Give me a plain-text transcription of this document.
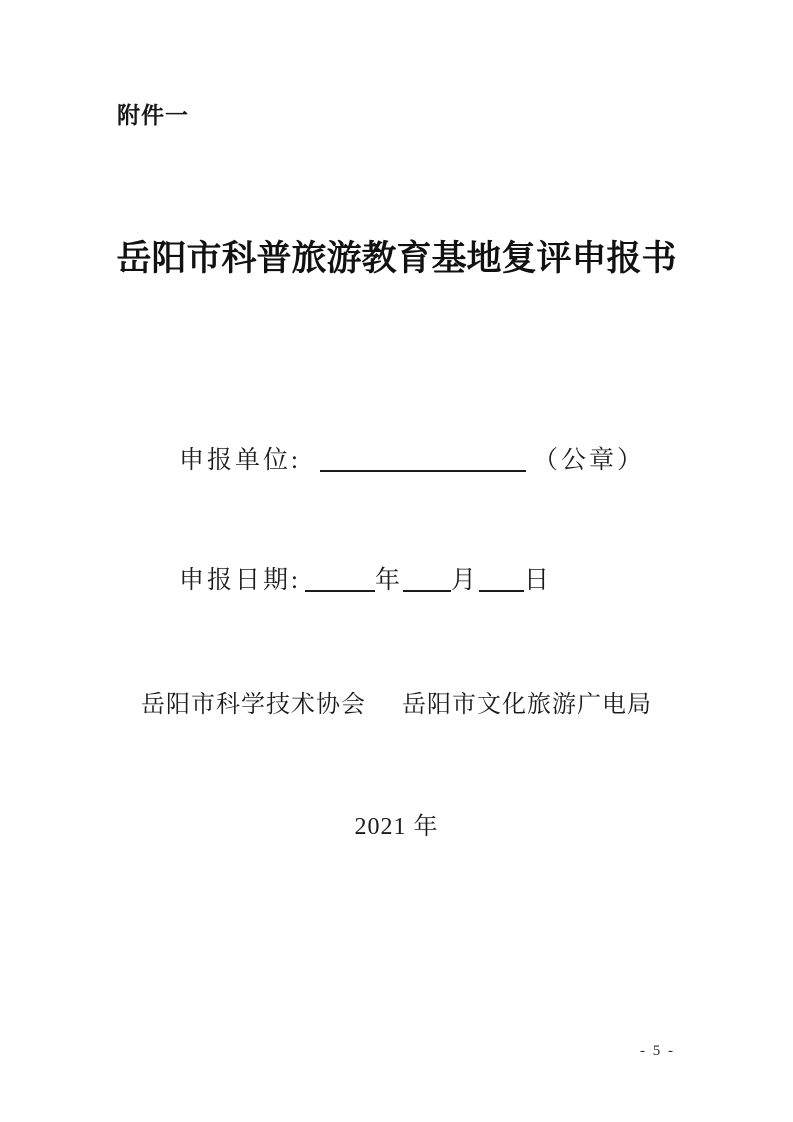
附件一
岳阳市科普旅游教育基地复评申报书
申报单位:	（公章）
申报日期:	年 月 日
岳阳市科学技术协会 岳阳市文化旅游广电局
2021 年
- 5 -
